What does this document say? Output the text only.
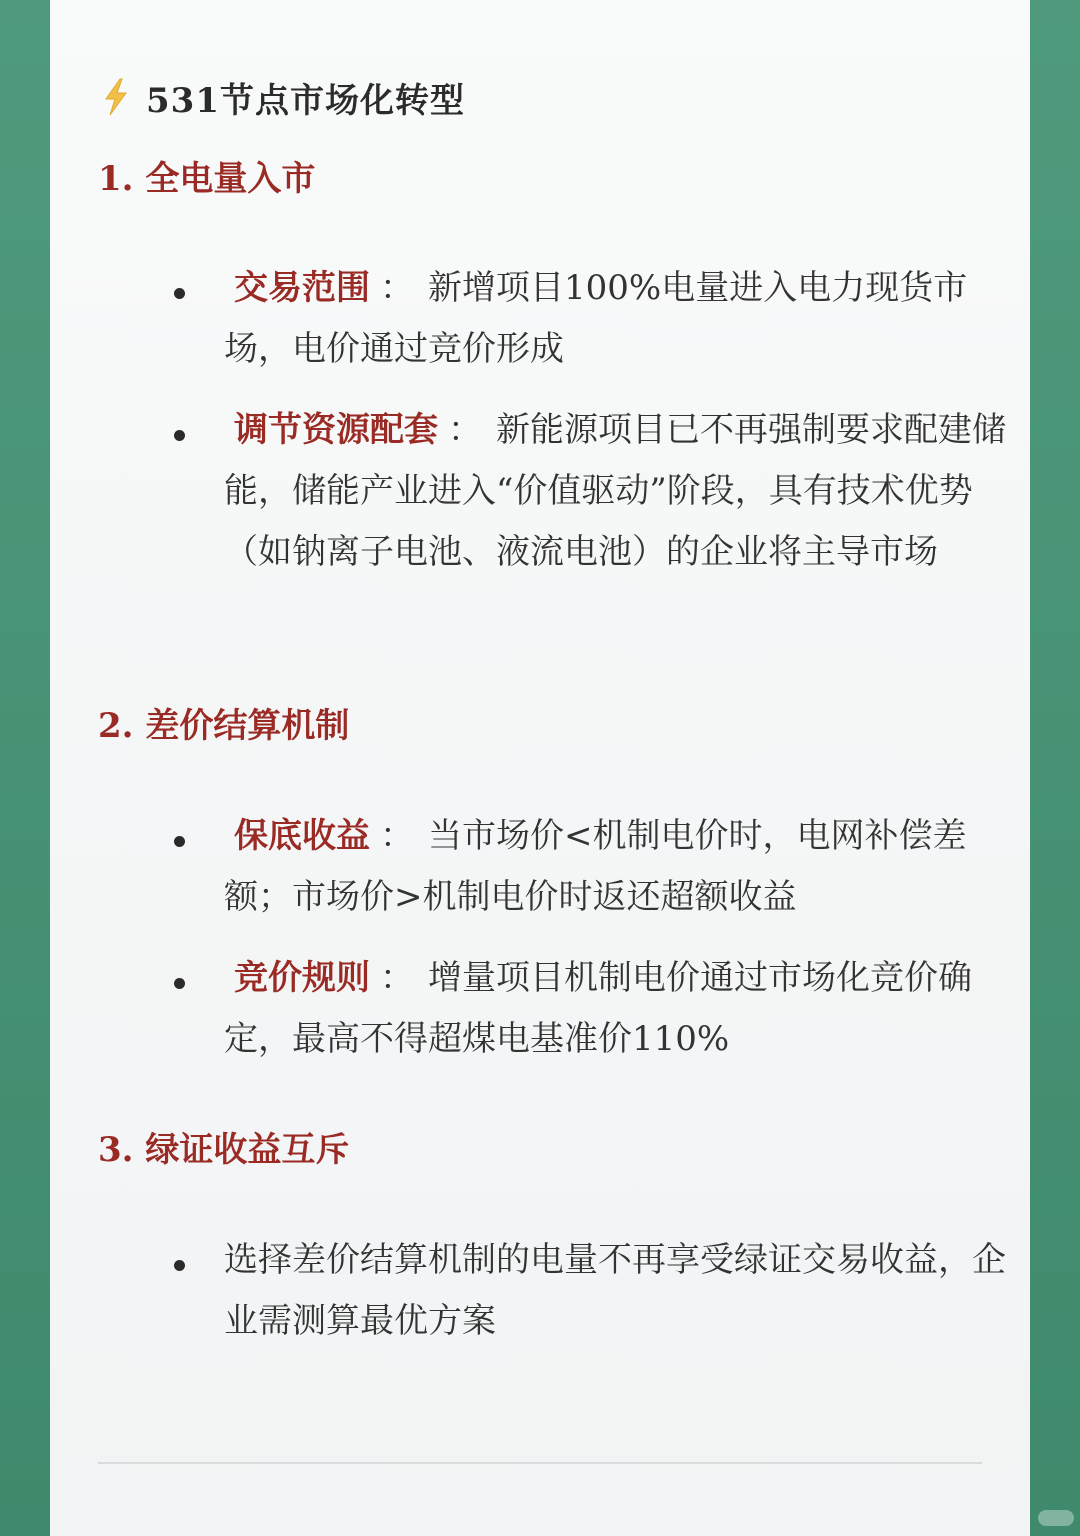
531节点市场化转型
1. 全电量入市
交易范围 ： 新增项目100%电量进入电力现货市场，电价通过竞价形成
调节资源配套 ： 新能源项目已不再强制要求配建储能，储能产业进入“价值驱动”阶段，具有技术优势（如钠离子电池、液流电池）的企业将主导市场
2. 差价结算机制
保底收益 ： 当市场价<机制电价时，电网补偿差额；市场价>机制电价时返还超额收益
竞价规则 ： 增量项目机制电价通过市场化竞价确定，最高不得超煤电基准价110%
3. 绿证收益互斥
选择差价结算机制的电量不再享受绿证交易收益，企业需测算最优方案
